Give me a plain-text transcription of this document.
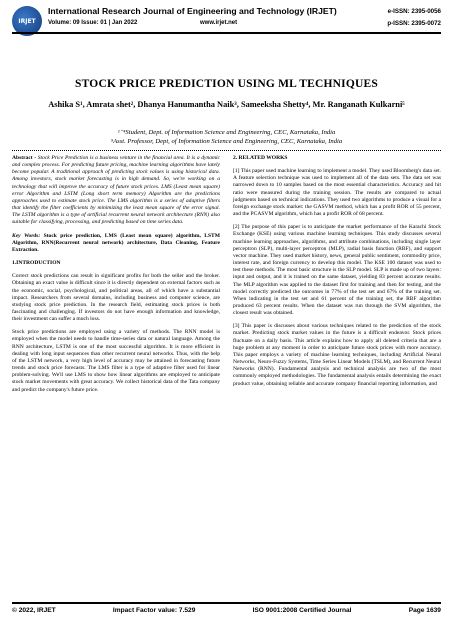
IRJET
International Research Journal of Engineering and Technology (IRJET)	e-ISSN: 2395-0056
Volume: 09 Issue: 01 | Jan 2022	www.irjet.net	p-ISSN: 2395-0072
STOCK PRICE PREDICTION USING ML TECHNIQUES
Ashika S¹, Amrata shet², Dhanya Hanumantha Naik³, Sameeksha Shetty⁴, Mr. Ranganath Kulkarni⁵
¹⁻⁴Student, Dept. of Information Science and Engineering, CEC, Karnataka, India
⁵Asst. Professor, Dept, of Information Science and Engineering, CEC, Karnataka, India

Abstract - Stock Price Prediction is a business venture in the financial area. It is a dynamic and complex process. For predicting future pricing, machine learning algorithms have lately become popular. A traditional approach of predicting stock values is using historical data. Among investors, stock market forecasting is in high demand. So, we're working on a technology that will improve the accuracy of future stock prices. LMS (Least mean square) error Algorithm and LSTM (Long short term memory) Algorithm are the predictions approaches used to estimate stock price. The LMS algorithm is a series of adaptive filters that identify the filter coefficients by minimizing the least mean square of the error signal. The LSTM algorithm is a type of artificial recurrent neural network architecture (RNN) also suitable for classifying, processing, and predicting based on time series data.

Key Words: Stock price prediction, LMS (Least mean square) algorithm, LSTM Algorithm, RNN(Recurrent neural network) architecture, Data Cleaning, Feature Extraction.

1.INTRODUCTION

Correct stock predictions can result in significant profits for both the seller and the broker. Obtaining an exact value is difficult since it is directly dependent on external factors such as the economic, social, psychological, and political areas, all of which have a substantial impact. Researchers from several domains, including business and computer science, are studying stock price prediction. In the research field, estimating stock prices is both fascinating and challenging. If investors do not have enough information and knowledge, their investment can suffer a much loss.

Stock price predictions are employed using a variety of methods. The RNN model is employed when the model needs to handle time-series data or natural language. Among the RNN architecture, LSTM is one of the most successful algorithm. It is more efficient in dealing with long input sequences than other recurrent neural networks. Thus, with the help of the LSTM network, a very high level of accuracy may be attained in forecasting future trends and stock price forecasts. The LMS filter is a type of adaptive filter used for linear problem-solving. We'll use LMS to show how linear algorithms are employed to anticipate stock market movements with great accuracy. We collect historical data of the Tata company and predict the company's future price.

2. RELATED WORKS

[1] This paper used machine learning to implement a model. They used Bloomberg's data set. A feature selection technique was used to implement all of the data sets. The data set was narrowed down to 10 samples based on the most essential characteristics. Accuracy and hit ratio were measured during the training session. The results are compared to actual judgments based on technical indications. They used two algorithms to produce a visual for a foreign exchange stock market: the GASVM method, which has a profit ROR of 55 percent, and the PCASVM algorithm, which has a profit ROR of 68 percent.

[2] The purpose of this paper is to anticipate the market performance of the Karachi Stock Exchange (KSE) using various machine learning techniques. This study discusses several machine learning approaches, algorithms, and attribute combinations, including single layer perceptron (SLP), multi-layer perceptron (MLP), radial basis function (RBF), and support vector machine. They used market history, news, general public sentiment, commodity price, interest rate, and foreign currency to develop this model. The KSE 100 dataset was used to test these methods. The most basic structure is the SLP model. SLP is made up of two layers: input and output, and it is trained on the same dataset, yielding 83 percent accurate results. The MLP algorithm was applied to the dataset first for training and then for testing, and the model correctly predicted the outcomes in 77% of the test set and 67% of the training set. When indicating in the test set and 61 percent of the training set, the RBF algorithm produced 63 percent results. When the dataset was run through the SVM algorithm, the closest result was obtained.

[3] This paper is discusses about various techniques related to the prediction of the stock market. Predicting stock market values in the future is a difficult endeavor. Stock prices fluctuate on a daily basis. This article explains how to apply all deleted criteria that are a huge problem at any moment in order to anticipate future stock prices with more accuracy. This paper employs a variety of machine learning techniques, including Artificial Neural Networks, Neuro-Fuzzy Systems, Time Series Linear Models (TSLM), and Recurrent Neural Networks (RNN). Fundamental analysis and technical analysis are two of the most commonly employed methodologies. The fundamental analysis entails determining the exact product value, obtaining reliable and accurate company financial reporting information, and

© 2022, IRJET	Impact Factor value: 7.529	ISO 9001:2008 Certified Journal	Page 1639
